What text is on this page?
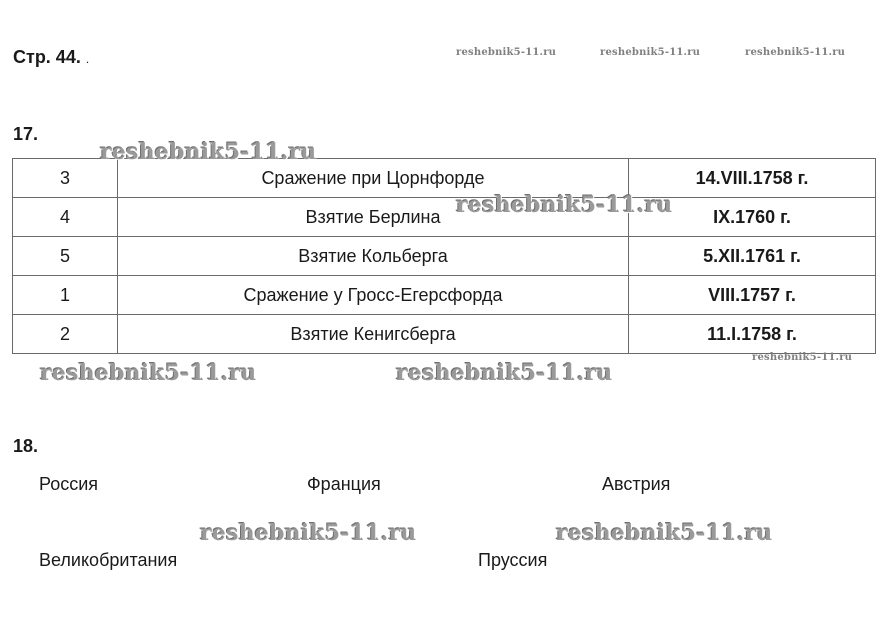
Стр. 44. .	reshebnik5-11.ru	reshebnik5-11.ru	reshebnik5-11.ru
17.
3	Сражение при Цорнфорде	14.VIII.1758 г.
4	Взятие Берлина	IX.1760 г.
5	Взятие Кольберга	5.XII.1761 г.
1	Сражение у Гросс-Егерсфорда	VIII.1757 г.
2	Взятие Кенигсберга	11.I.1758 г.
reshebnik5-11.ru
reshebnik5-11.ru
reshebnik5-11.ru
reshebnik5-11.ru	reshebnik5-11.ru
18.
Россия	Франция	Австрия
reshebnik5-11.ru	reshebnik5-11.ru
Великобритания	Пруссия
